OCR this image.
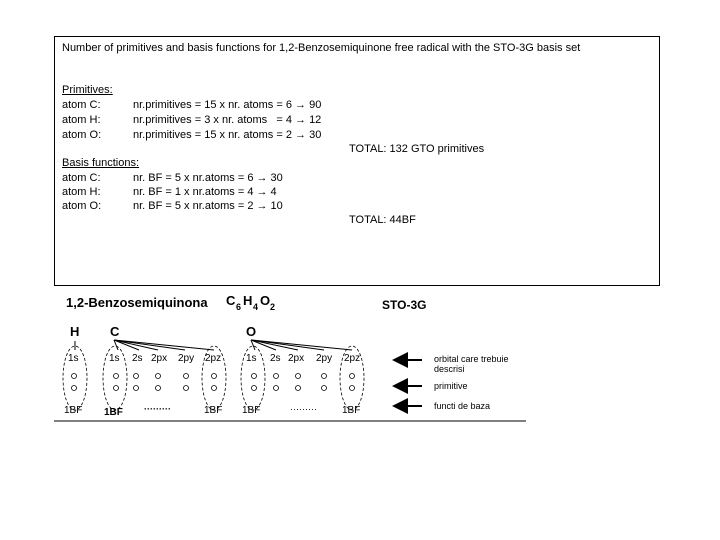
Number of primitives and basis functions for 1,2-Benzosemiquinone free radical with the STO-3G basis set
Primitives:
atom C:	nr.primitives = 15 x nr. atoms = 6 → 90
atom H:	nr.primitives = 3 x nr. atoms   = 4 → 12
atom O:	nr.primitives = 15 x nr. atoms = 2 → 30
TOTAL: 132 GTO primitives
Basis functions:
atom C:	nr. BF = 5 x nr.atoms = 6 → 30
atom H:	nr. BF = 1 x nr.atoms = 4 → 4
atom O:	nr. BF = 5 x nr.atoms = 2 → 10
TOTAL: 44BF
1,2-Benzosemiquinona C 6 H 4 O 2	STO-3G
H C	O
1s	1s 2s 2px 2py 2pz 1s 2s 2px 2py 2pz
1BF 1BF ·········	1BF 1BF	·········	1BF
orbital care trebuie
descrisi
primitive
functi de baza
